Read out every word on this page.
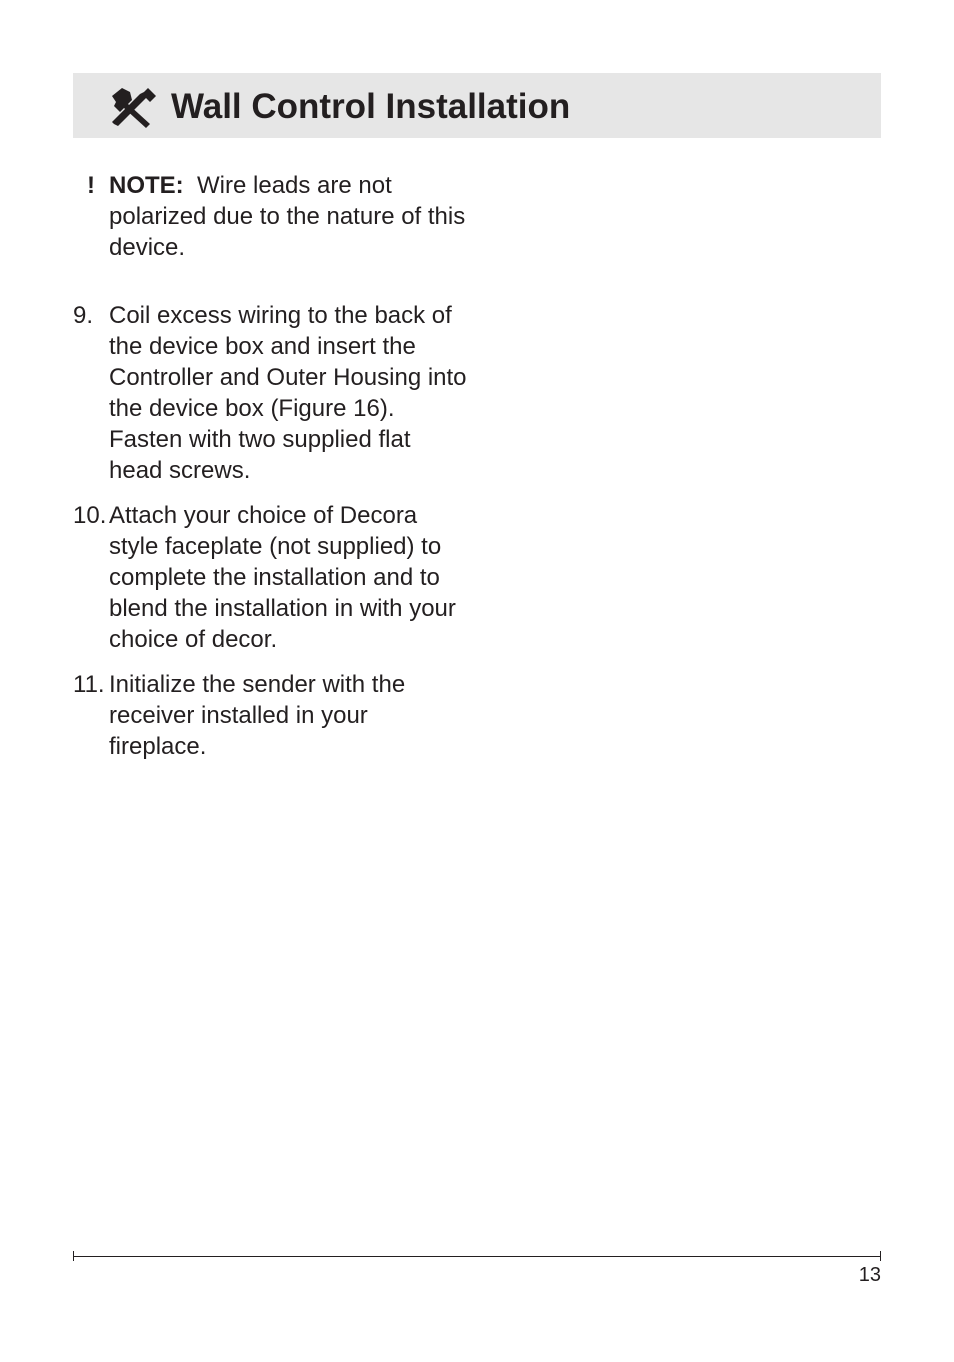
Wall Control Installation
! NOTE: Wire leads are not polarized due to the nature of this device.
9. Coil excess wiring to the back of the device box and insert the Controller and Outer Housing into the device box (Figure 16). Fasten with two supplied flat head screws.
10. Attach your choice of Decora style faceplate (not supplied) to complete the installation and to blend the installation in with your choice of decor.
11. Initialize the sender with the receiver installed in your fireplace.
13
